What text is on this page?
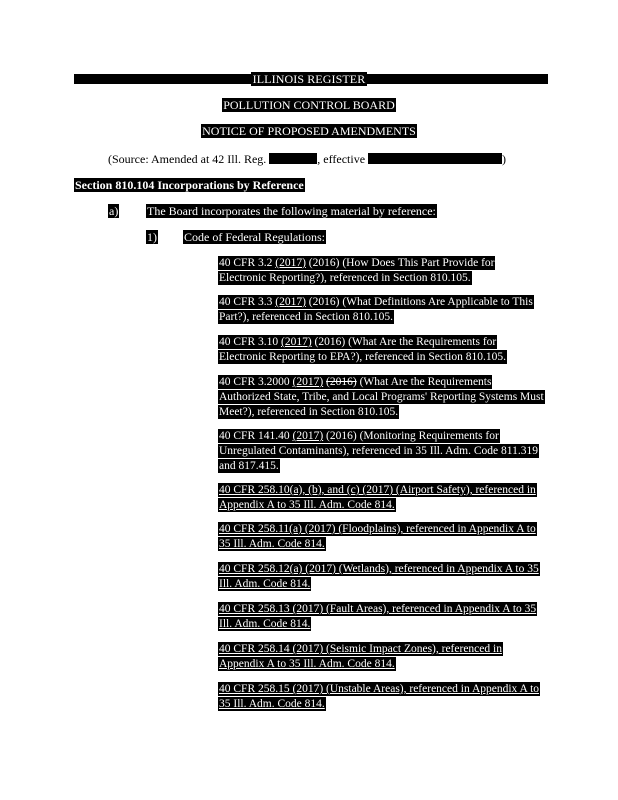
ILLINOIS REGISTER
POLLUTION CONTROL BOARD
NOTICE OF PROPOSED AMENDMENTS
(Source: Amended at 42 Ill. Reg.	, effective	)
Section 810.104 Incorporations by Reference
a) The Board incorporates the following material by reference:
1) Code of Federal Regulations:
40 CFR 3.2 (2017) (2016) (How Does This Part Provide for Electronic Reporting?), referenced in Section 810.105.
40 CFR 3.3 (2017) (2016) (What Definitions Are Applicable to This Part?), referenced in Section 810.105.
40 CFR 3.10 (2017) (2016) (What Are the Requirements for Electronic Reporting to EPA?), referenced in Section 810.105.
40 CFR 3.2000 (2017) (2016) (What Are the Requirements Authorized State, Tribe, and Local Programs' Reporting Systems Must Meet?), referenced in Section 810.105.
40 CFR 141.40 (2017) (2016) (Monitoring Requirements for Unregulated Contaminants), referenced in 35 Ill. Adm. Code 811.319 and 817.415.
40 CFR 258.10(a), (b), and (c) (2017) (Airport Safety), referenced in Appendix A to 35 Ill. Adm. Code 814.
40 CFR 258.11(a) (2017) (Floodplains), referenced in Appendix A to 35 Ill. Adm. Code 814.
40 CFR 258.12(a) (2017) (Wetlands), referenced in Appendix A to 35 Ill. Adm. Code 814.
40 CFR 258.13 (2017) (Fault Areas), referenced in Appendix A to 35 Ill. Adm. Code 814.
40 CFR 258.14 (2017) (Seismic Impact Zones), referenced in Appendix A to 35 Ill. Adm. Code 814.
40 CFR 258.15 (2017) (Unstable Areas), referenced in Appendix A to 35 Ill. Adm. Code 814.
